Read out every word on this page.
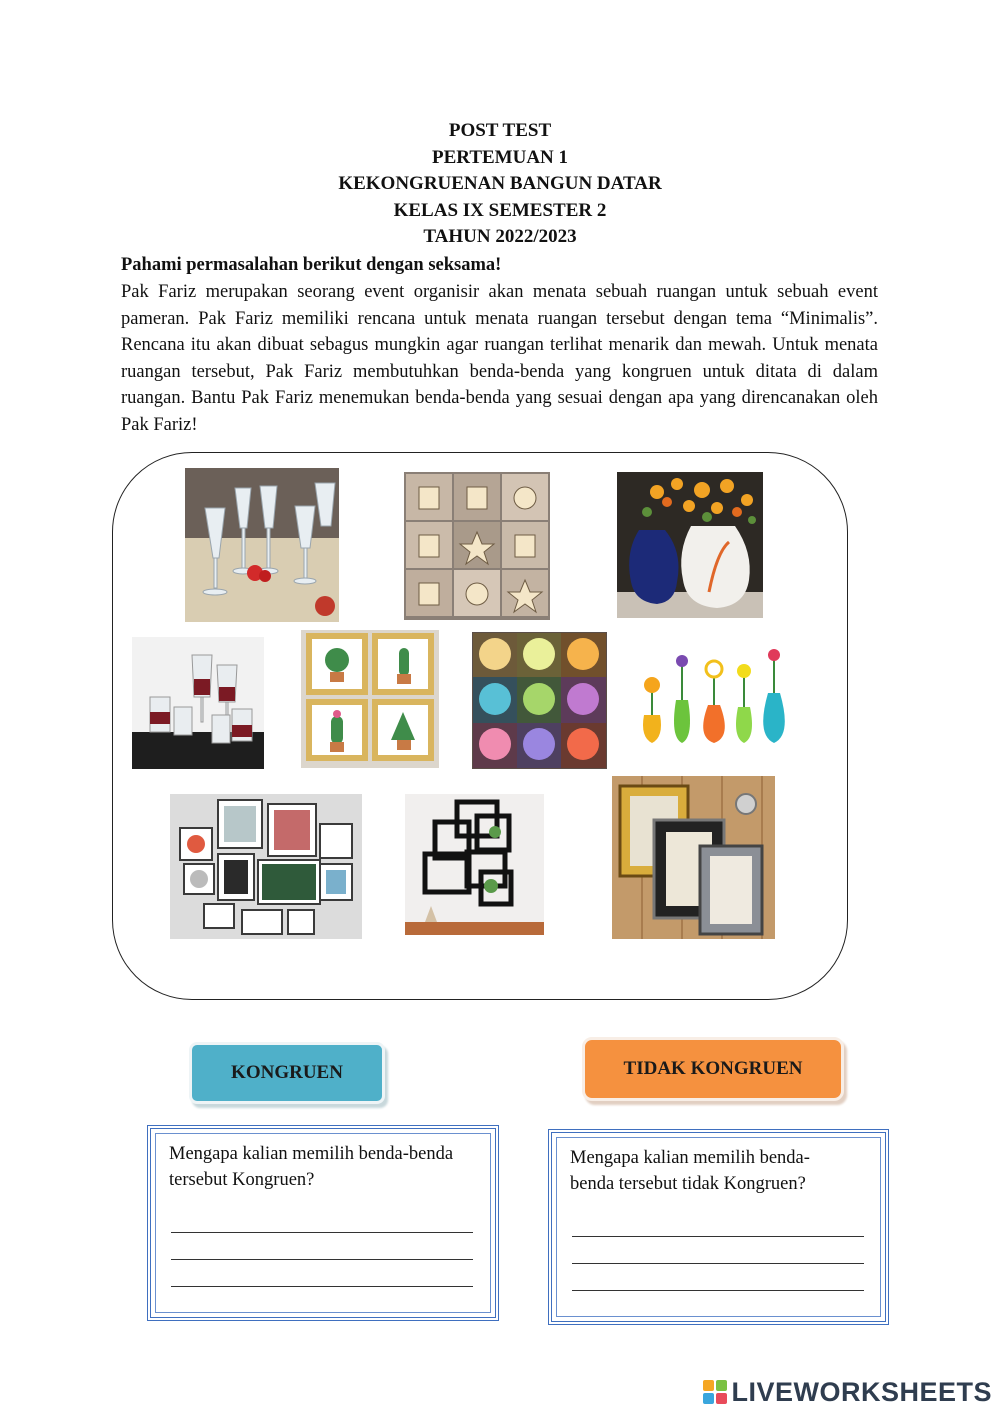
POST TEST
PERTEMUAN 1
KEKONGRUENAN BANGUN DATAR
KELAS IX SEMESTER 2
TAHUN 2022/2023
Pahami permasalahan berikut dengan seksama!
Pak Fariz merupakan seorang event organisir akan menata sebuah ruangan untuk sebuah event pameran. Pak Fariz memiliki rencana untuk menata ruangan tersebut dengan tema “Minimalis”. Rencana itu akan dibuat sebagus mungkin agar ruangan terlihat menarik dan mewah. Untuk menata ruangan tersebut, Pak Fariz membutuhkan benda-benda yang kongruen untuk ditata di dalam ruangan. Bantu Pak Fariz menemukan benda-benda yang sesuai dengan apa yang direncanakan oleh Pak Fariz!
KONGRUEN	TIDAK KONGRUEN
Mengapa kalian memilih benda-benda tersebut Kongruen?
Mengapa kalian memilih benda-benda tersebut tidak Kongruen?
LIVEWORKSHEETS
